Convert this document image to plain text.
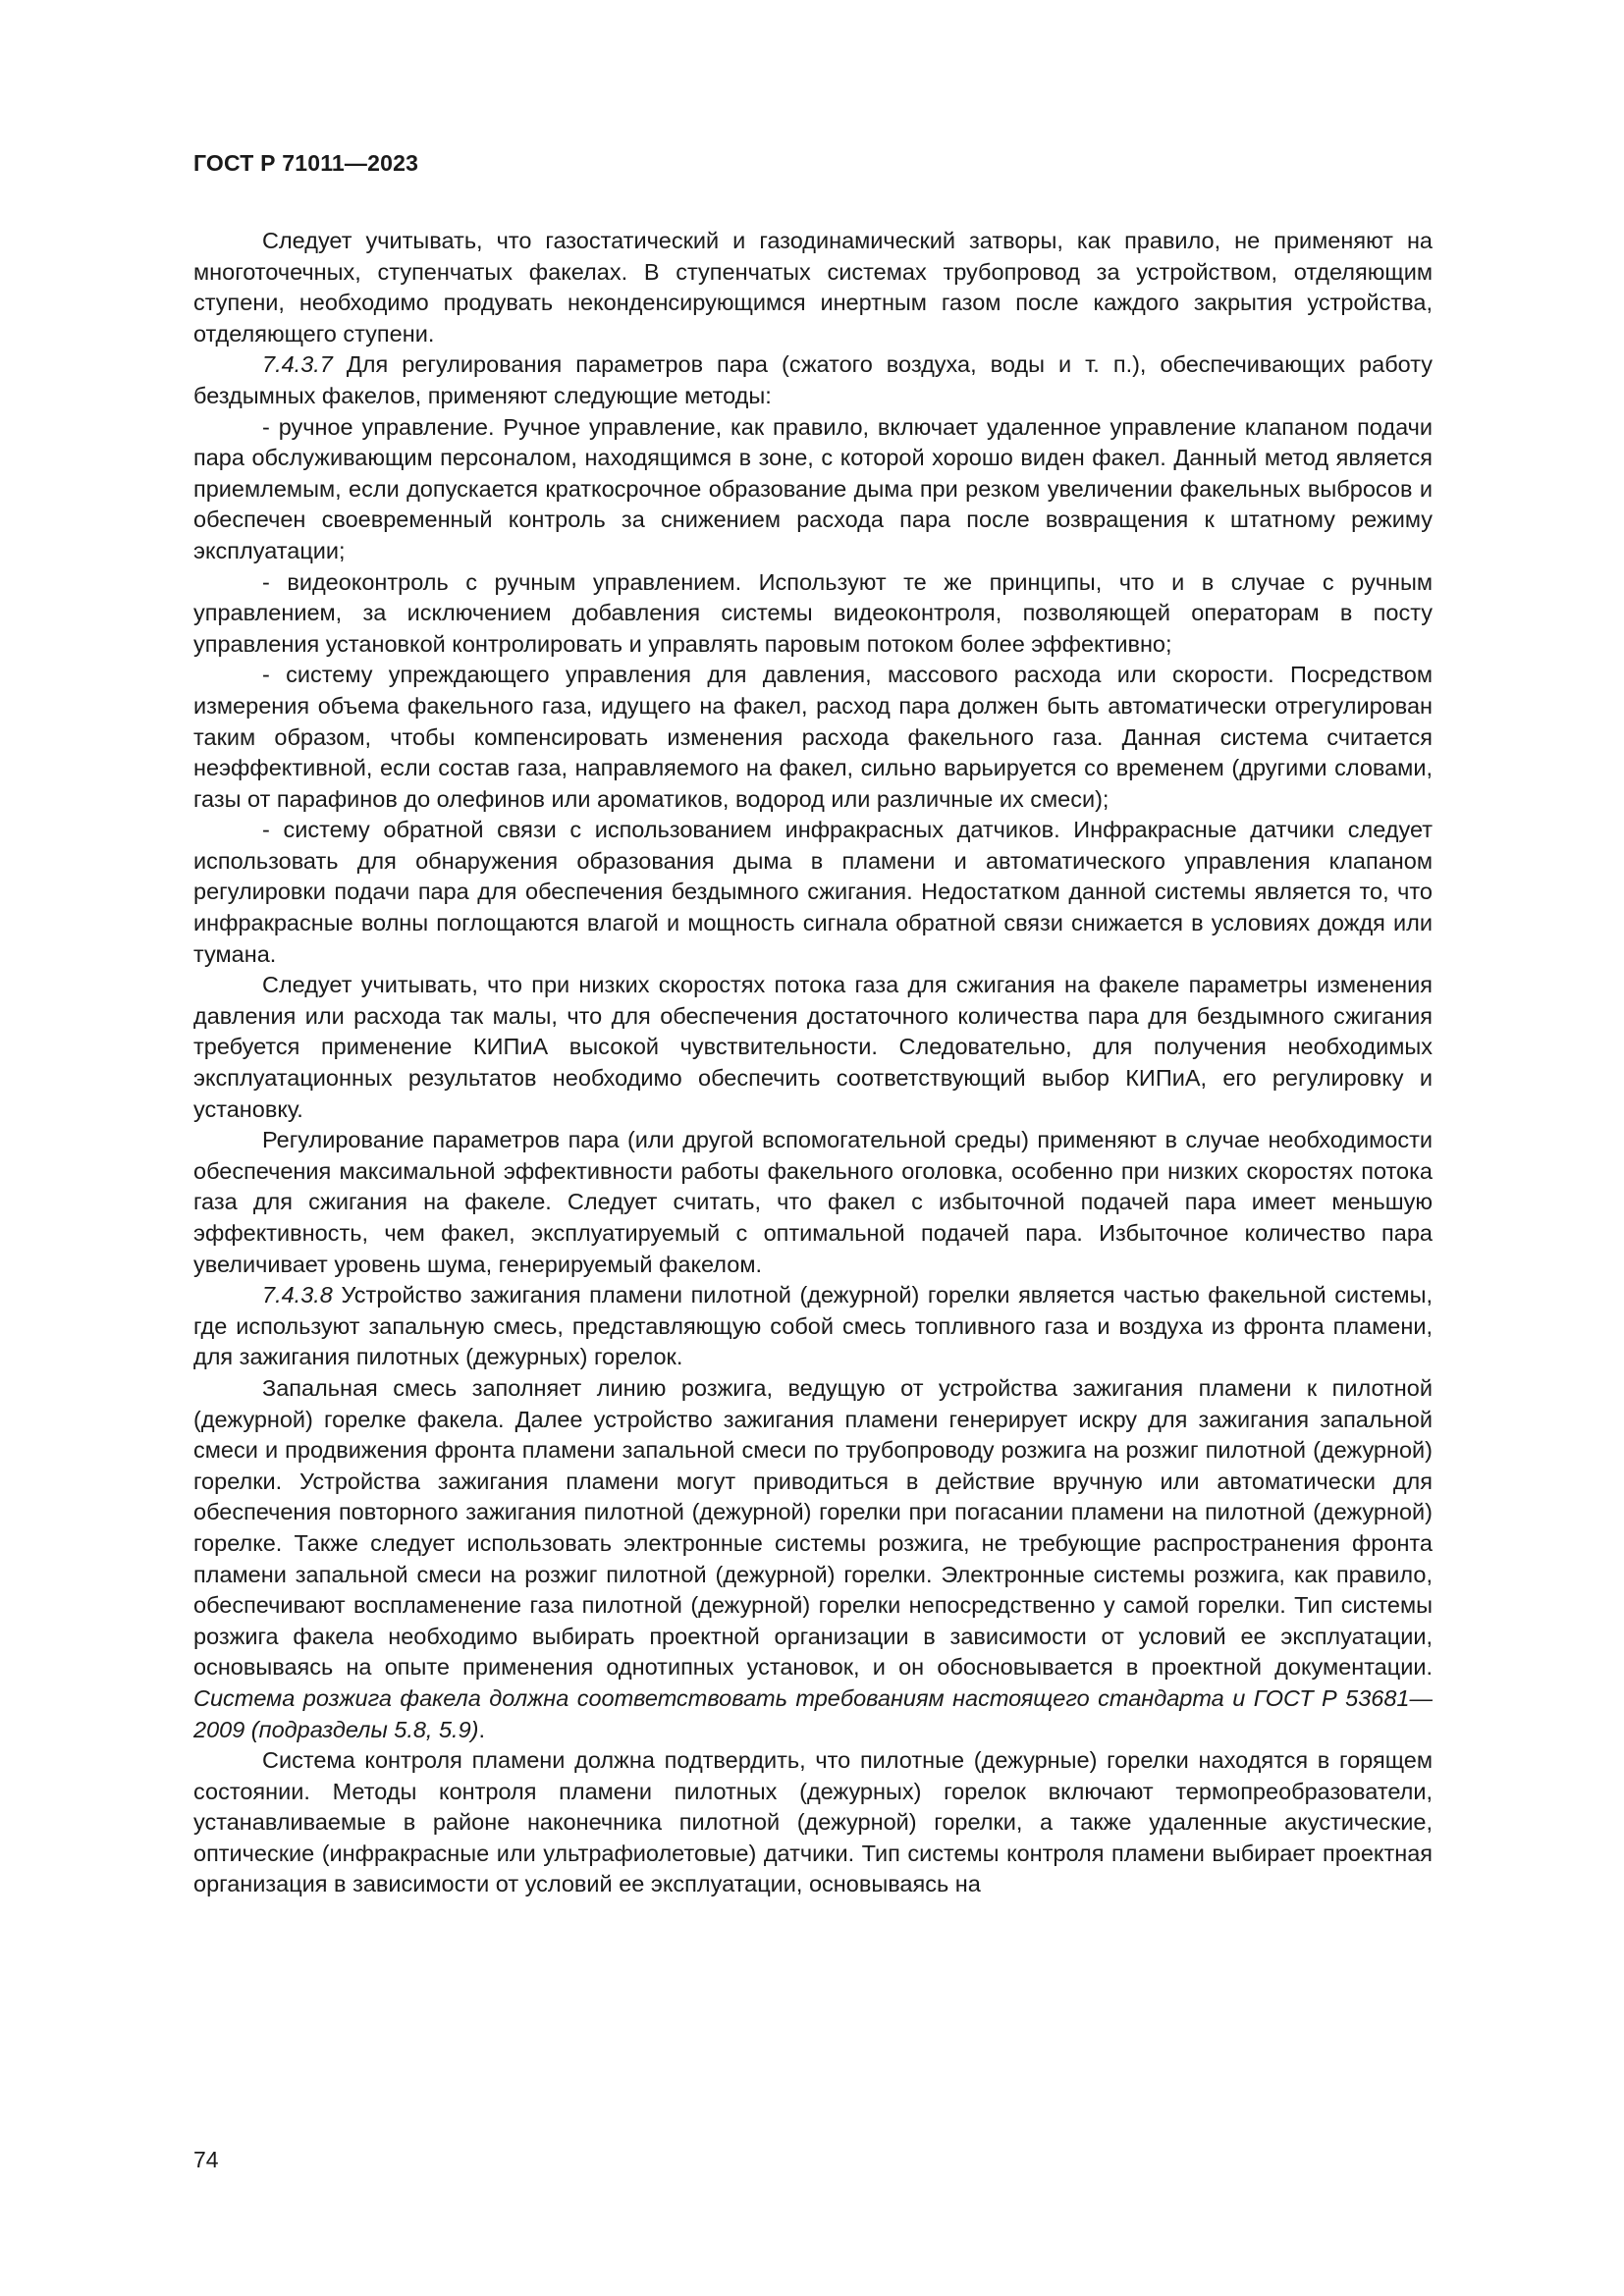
ГОСТ Р 71011—2023

Следует учитывать, что газостатический и газодинамический затворы, как правило, не применяют на многоточечных, ступенчатых факелах. В ступенчатых системах трубопровод за устройством, отделяющим ступени, необходимо продувать неконденсирующимся инертным газом после каждого закрытия устройства, отделяющего ступени.

7.4.3.7 Для регулирования параметров пара (сжатого воздуха, воды и т. п.), обеспечивающих работу бездымных факелов, применяют следующие методы:

- ручное управление. Ручное управление, как правило, включает удаленное управление клапаном подачи пара обслуживающим персоналом, находящимся в зоне, с которой хорошо виден факел. Данный метод является приемлемым, если допускается краткосрочное образование дыма при резком увеличении факельных выбросов и обеспечен своевременный контроль за снижением расхода пара после возвращения к штатному режиму эксплуатации;

- видеоконтроль с ручным управлением. Используют те же принципы, что и в случае с ручным управлением, за исключением добавления системы видеоконтроля, позволяющей операторам в посту управления установкой контролировать и управлять паровым потоком более эффективно;

- систему упреждающего управления для давления, массового расхода или скорости. Посредством измерения объема факельного газа, идущего на факел, расход пара должен быть автоматически отрегулирован таким образом, чтобы компенсировать изменения расхода факельного газа. Данная система считается неэффективной, если состав газа, направляемого на факел, сильно варьируется со временем (другими словами, газы от парафинов до олефинов или ароматиков, водород или различные их смеси);

- систему обратной связи с использованием инфракрасных датчиков. Инфракрасные датчики следует использовать для обнаружения образования дыма в пламени и автоматического управления клапаном регулировки подачи пара для обеспечения бездымного сжигания. Недостатком данной системы является то, что инфракрасные волны поглощаются влагой и мощность сигнала обратной связи снижается в условиях дождя или тумана.

Следует учитывать, что при низких скоростях потока газа для сжигания на факеле параметры изменения давления или расхода так малы, что для обеспечения достаточного количества пара для бездымного сжигания требуется применение КИПиА высокой чувствительности. Следовательно, для получения необходимых эксплуатационных результатов необходимо обеспечить соответствующий выбор КИПиА, его регулировку и установку.

Регулирование параметров пара (или другой вспомогательной среды) применяют в случае необходимости обеспечения максимальной эффективности работы факельного оголовка, особенно при низких скоростях потока газа для сжигания на факеле. Следует считать, что факел с избыточной подачей пара имеет меньшую эффективность, чем факел, эксплуатируемый с оптимальной подачей пара. Избыточное количество пара увеличивает уровень шума, генерируемый факелом.

7.4.3.8 Устройство зажигания пламени пилотной (дежурной) горелки является частью факельной системы, где используют запальную смесь, представляющую собой смесь топливного газа и воздуха из фронта пламени, для зажигания пилотных (дежурных) горелок.

Запальная смесь заполняет линию розжига, ведущую от устройства зажигания пламени к пилотной (дежурной) горелке факела. Далее устройство зажигания пламени генерирует искру для зажигания запальной смеси и продвижения фронта пламени запальной смеси по трубопроводу розжига на розжиг пилотной (дежурной) горелки. Устройства зажигания пламени могут приводиться в действие вручную или автоматически для обеспечения повторного зажигания пилотной (дежурной) горелки при погасании пламени на пилотной (дежурной) горелке. Также следует использовать электронные системы розжига, не требующие распространения фронта пламени запальной смеси на розжиг пилотной (дежурной) горелки. Электронные системы розжига, как правило, обеспечивают воспламенение газа пилотной (дежурной) горелки непосредственно у самой горелки. Тип системы розжига факела необходимо выбирать проектной организации в зависимости от условий ее эксплуатации, основываясь на опыте применения однотипных установок, и он обосновывается в проектной документации. Система розжига факела должна соответствовать требованиям настоящего стандарта и ГОСТ Р 53681—2009 (подразделы 5.8, 5.9).

Система контроля пламени должна подтвердить, что пилотные (дежурные) горелки находятся в горящем состоянии. Методы контроля пламени пилотных (дежурных) горелок включают термопреобразователи, устанавливаемые в районе наконечника пилотной (дежурной) горелки, а также удаленные акустические, оптические (инфракрасные или ультрафиолетовые) датчики. Тип системы контроля пламени выбирает проектная организация в зависимости от условий ее эксплуатации, основываясь на

74
